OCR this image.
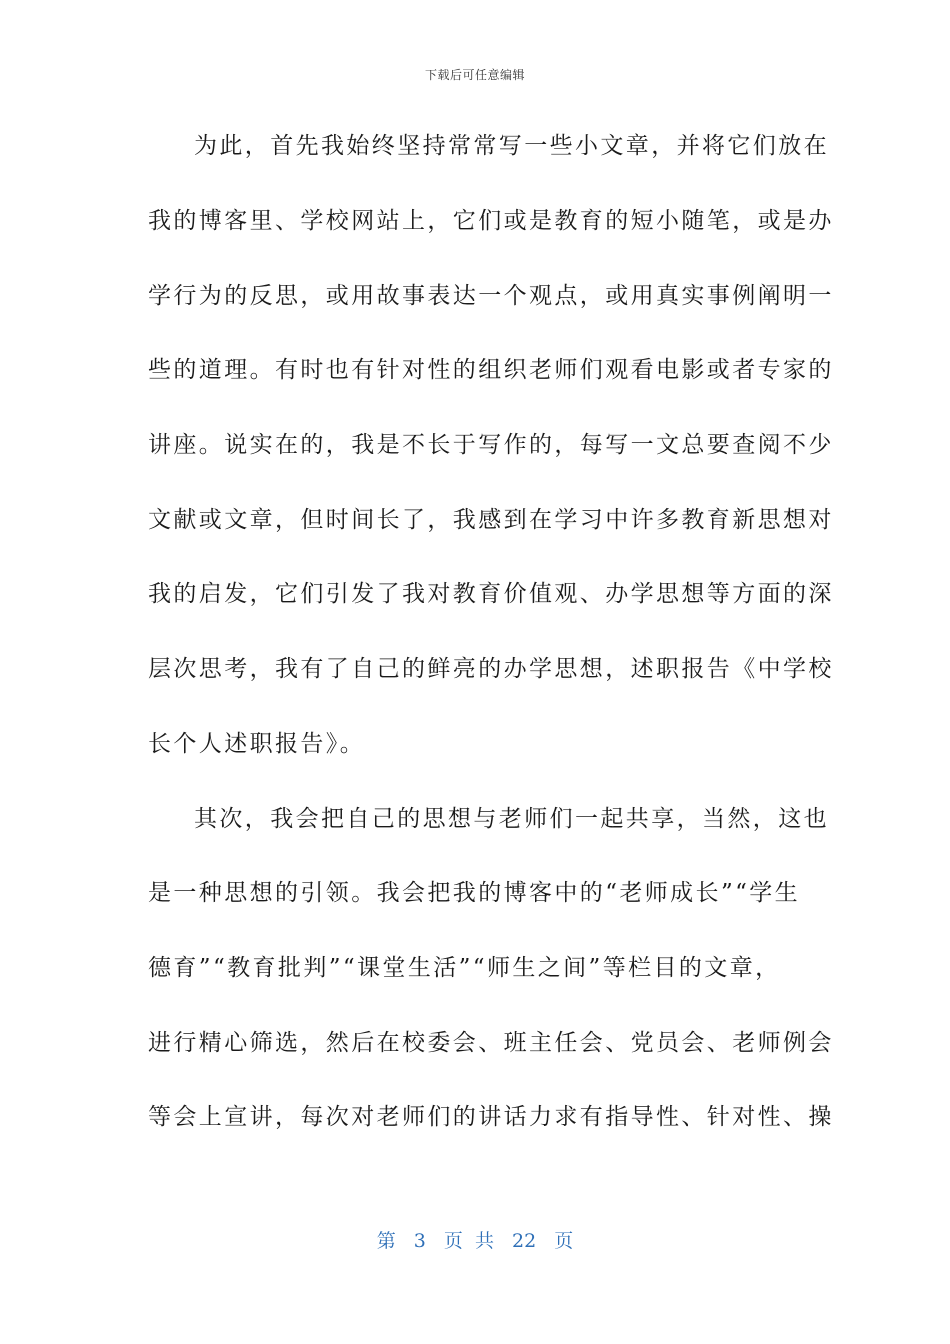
下载后可任意编辑
为此，首先我始终坚持常常写一些小文章，并将它们放在
我的博客里、学校网站上，它们或是教育的短小随笔，或是办
学行为的反思，或用故事表达一个观点，或用真实事例阐明一
些的道理。有时也有针对性的组织老师们观看电影或者专家的
讲座。说实在的，我是不长于写作的，每写一文总要查阅不少
文献或文章，但时间长了，我感到在学习中许多教育新思想对
我的启发，它们引发了我对教育价值观、办学思想等方面的深
层次思考，我有了自己的鲜亮的办学思想，述职报告《中学校
长个人述职报告》。
其次，我会把自己的思想与老师们一起共享，当然，这也
是一种思想的引领。我会把我的博客中的“老师成长”“学生
德育”“教育批判”“课堂生活”“师生之间”等栏目的文章，
进行精心筛选，然后在校委会、班主任会、党员会、老师例会
等会上宣讲，每次对老师们的讲话力求有指导性、针对性、操
第 3 页 共 22 页
